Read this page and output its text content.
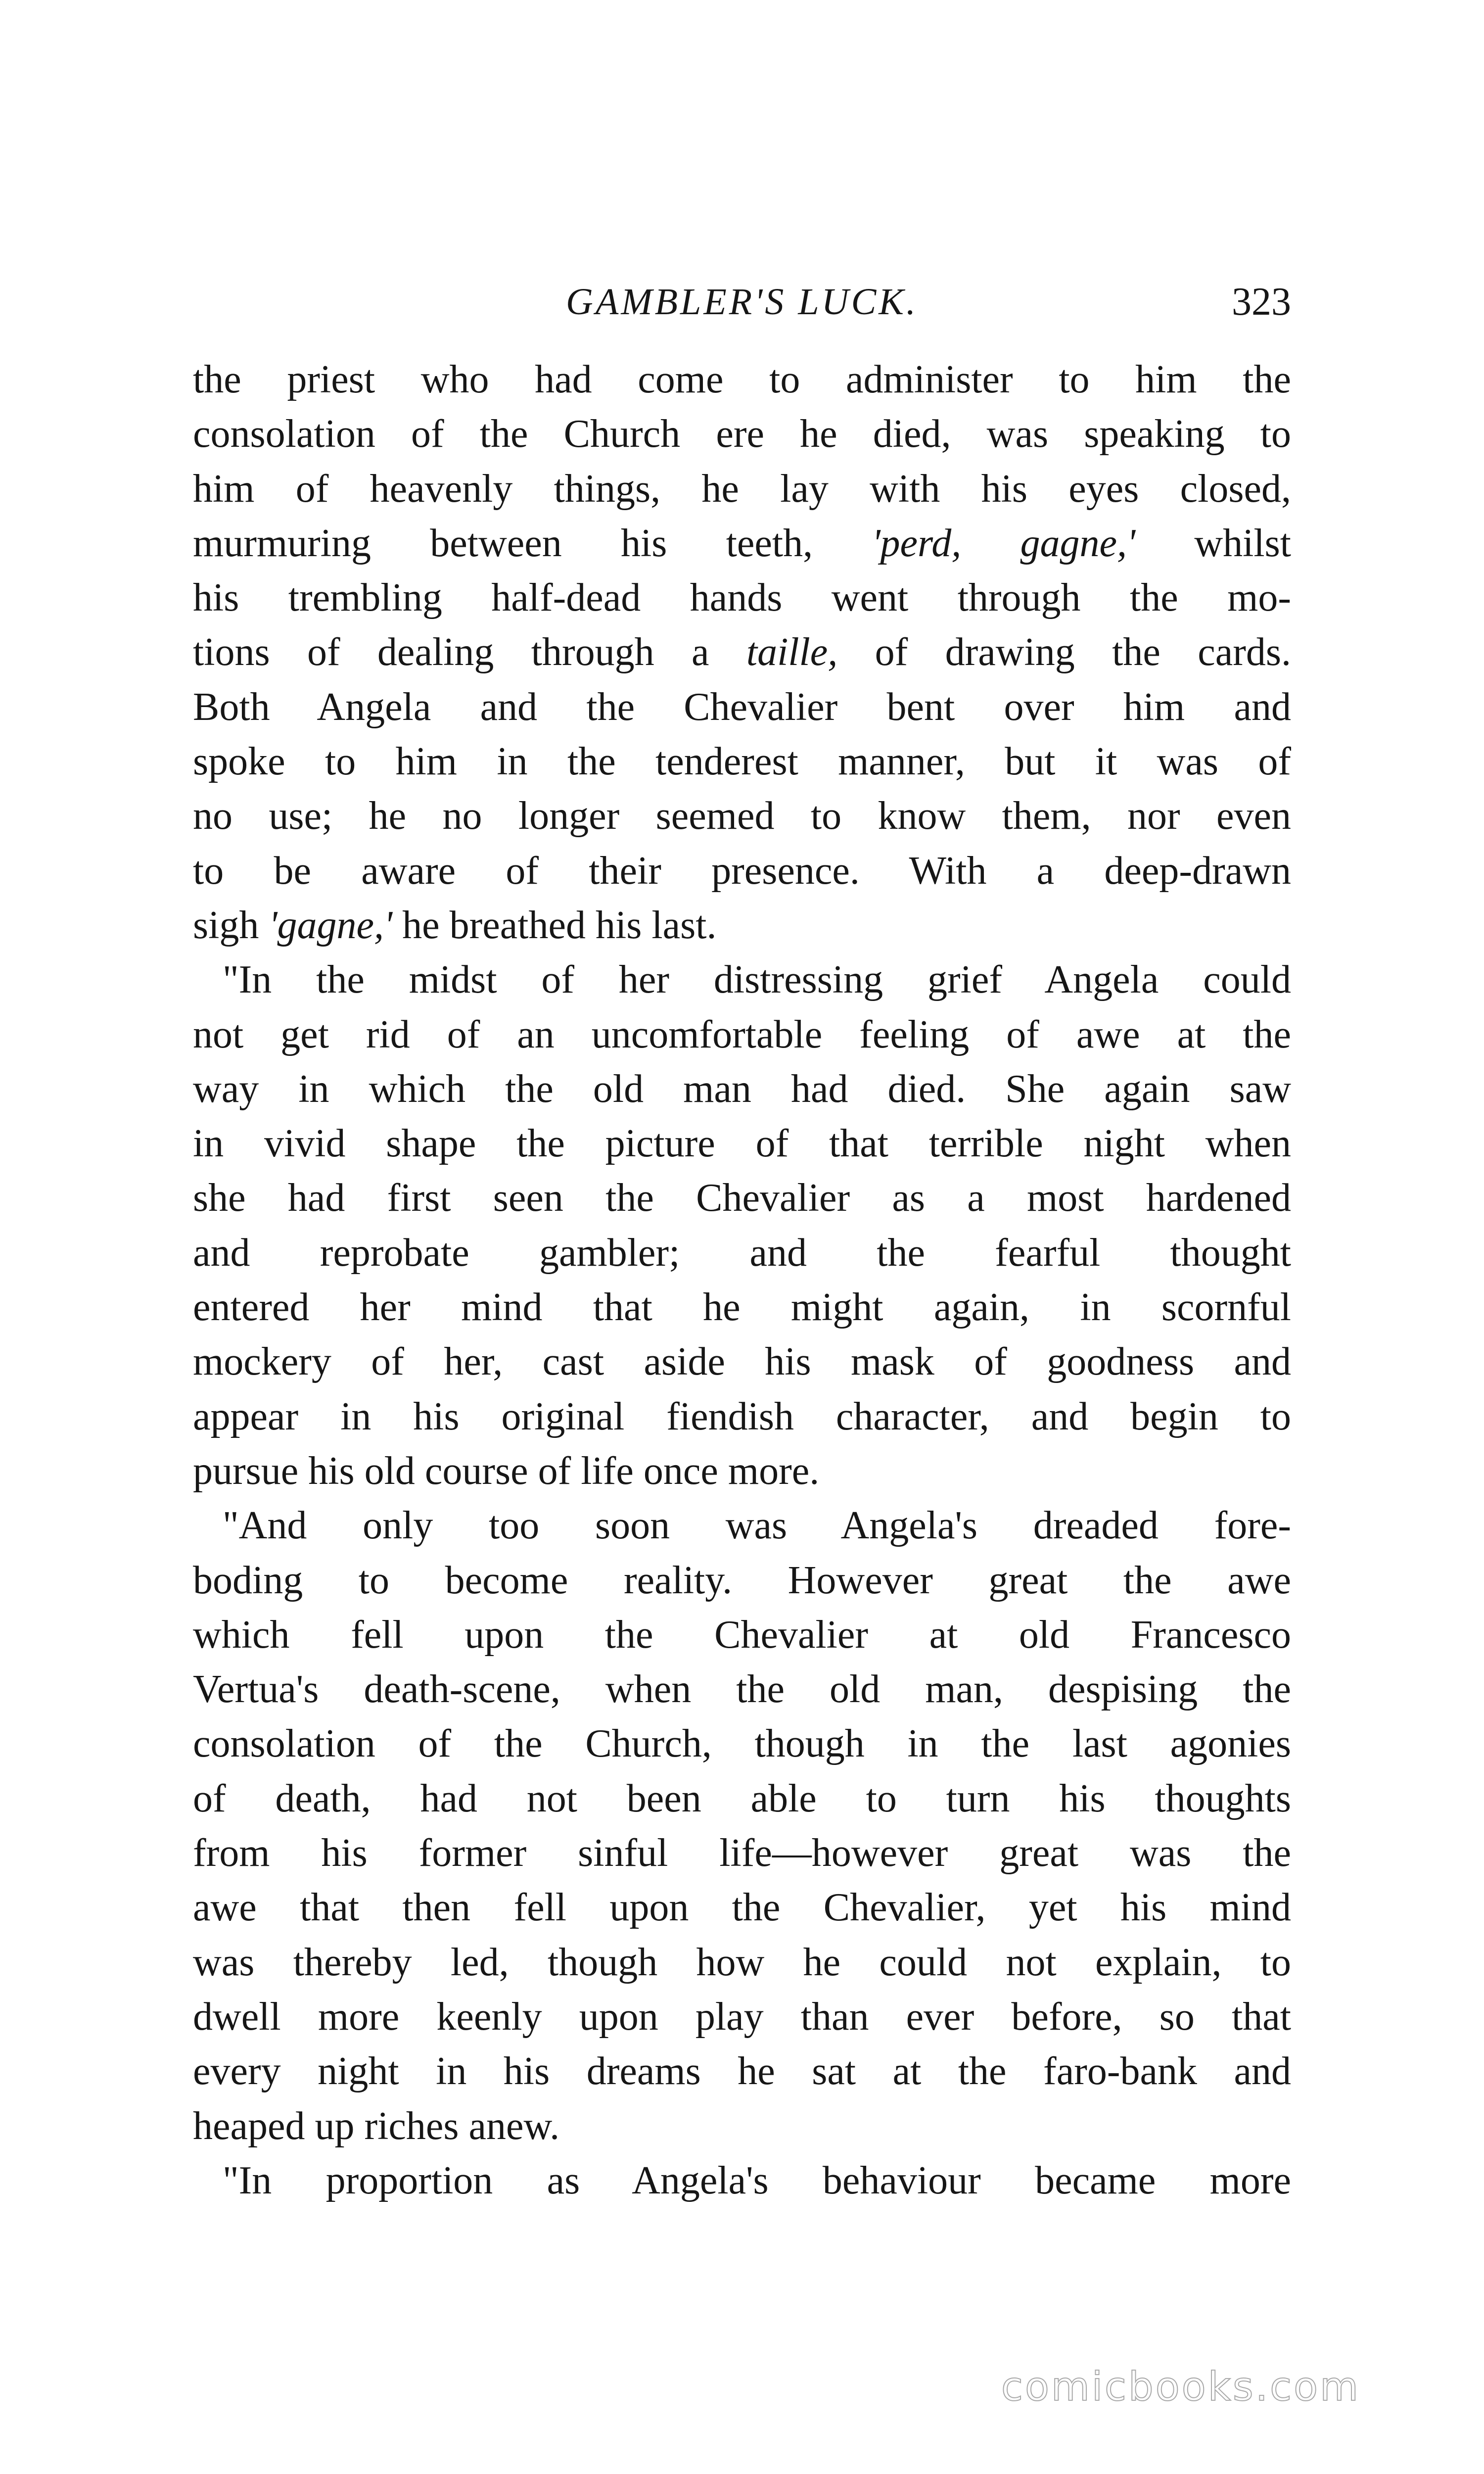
GAMBLER'S LUCK.	323
the priest who had come to administer to him the
consolation of the Church ere he died, was speaking to
him of heavenly things, he lay with his eyes closed,
murmuring between his teeth, 'perd, gagne,' whilst
his trembling half-dead hands went through the mo-
tions of dealing through a taille, of drawing the cards.
Both Angela and the Chevalier bent over him and
spoke to him in the tenderest manner, but it was of
no use; he no longer seemed to know them, nor even
to be aware of their presence. With a deep-drawn
sigh 'gagne,' he breathed his last.
"In the midst of her distressing grief Angela could
not get rid of an uncomfortable feeling of awe at the
way in which the old man had died. She again saw
in vivid shape the picture of that terrible night when
she had first seen the Chevalier as a most hardened
and reprobate gambler; and the fearful thought
entered her mind that he might again, in scornful
mockery of her, cast aside his mask of goodness and
appear in his original fiendish character, and begin to
pursue his old course of life once more.
"And only too soon was Angela's dreaded fore-
boding to become reality. However great the awe
which fell upon the Chevalier at old Francesco
Vertua's death-scene, when the old man, despising the
consolation of the Church, though in the last agonies
of death, had not been able to turn his thoughts
from his former sinful life—however great was the
awe that then fell upon the Chevalier, yet his mind
was thereby led, though how he could not explain, to
dwell more keenly upon play than ever before, so that
every night in his dreams he sat at the faro-bank and
heaped up riches anew.
"In proportion as Angela's behaviour became more
comicbooks.com
